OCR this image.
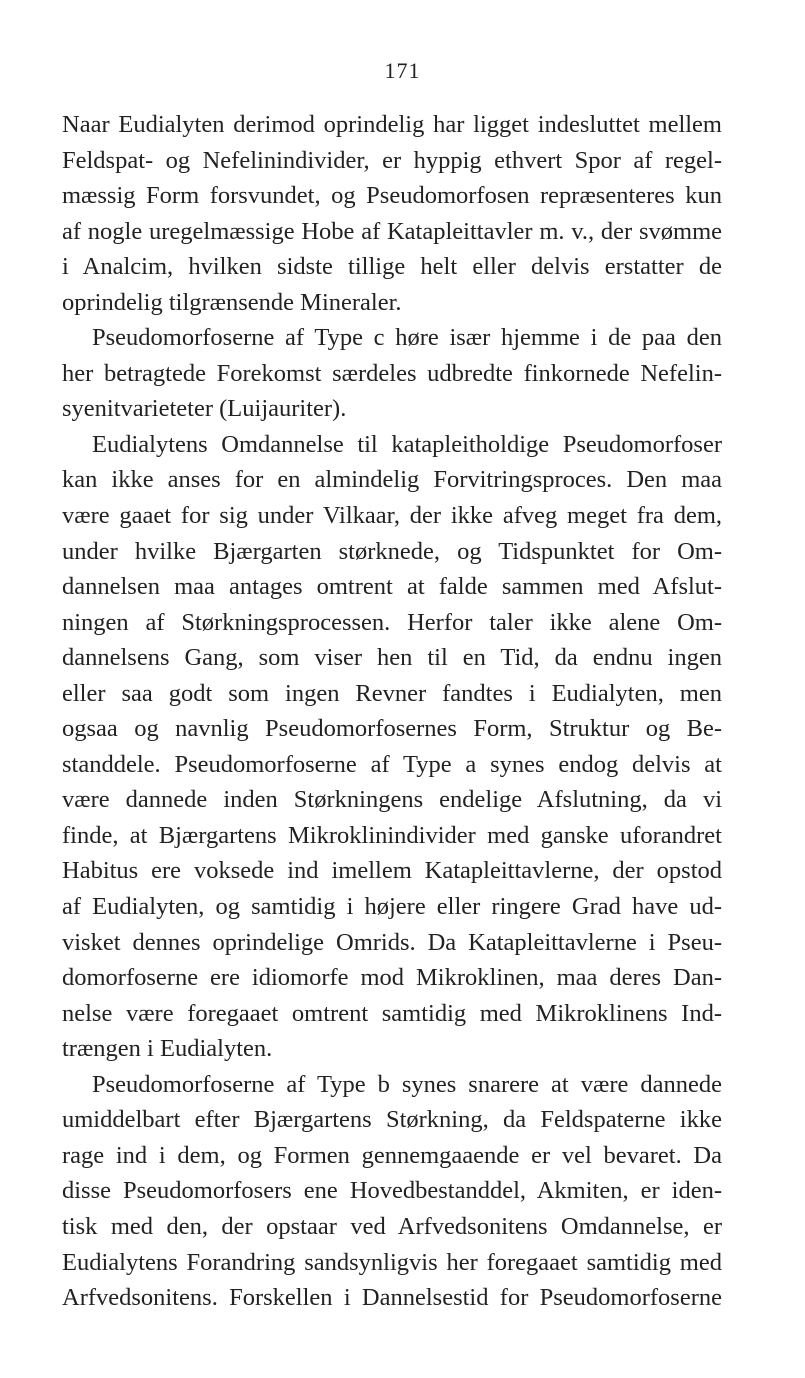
171
Naar Eudialyten derimod oprindelig har ligget indesluttet mellem
Feldspat- og Nefelinindivider, er hyppig ethvert Spor af regel-
mæssig Form forsvundet, og Pseudomorfosen repræsenteres kun
af nogle uregelmæssige Hobe af Katapleittavler m. v., der svømme
i Analcim, hvilken sidste tillige helt eller delvis erstatter de
oprindelig tilgrænsende Mineraler.
Pseudomorfoserne af Type c høre især hjemme i de paa den
her betragtede Forekomst særdeles udbredte finkornede Nefelin-
syenitvarieteter (Luijauriter).
Eudialytens Omdannelse til katapleitholdige Pseudomorfoser
kan ikke anses for en almindelig Forvitringsproces. Den maa
være gaaet for sig under Vilkaar, der ikke afveg meget fra dem,
under hvilke Bjærgarten størknede, og Tidspunktet for Om-
dannelsen maa antages omtrent at falde sammen med Afslut-
ningen af Størkningsprocessen. Herfor taler ikke alene Om-
dannelsens Gang, som viser hen til en Tid, da endnu ingen
eller saa godt som ingen Revner fandtes i Eudialyten, men
ogsaa og navnlig Pseudomorfosernes Form, Struktur og Be-
standdele. Pseudomorfoserne af Type a synes endog delvis at
være dannede inden Størkningens endelige Afslutning, da vi
finde, at Bjærgartens Mikroklinindivider med ganske uforandret
Habitus ere voksede ind imellem Katapleittavlerne, der opstod
af Eudialyten, og samtidig i højere eller ringere Grad have ud-
visket dennes oprindelige Omrids. Da Katapleittavlerne i Pseu-
domorfoserne ere idiomorfe mod Mikroklinen, maa deres Dan-
nelse være foregaaet omtrent samtidig med Mikroklinens Ind-
trængen i Eudialyten.
Pseudomorfoserne af Type b synes snarere at være dannede
umiddelbart efter Bjærgartens Størkning, da Feldspaterne ikke
rage ind i dem, og Formen gennemgaaende er vel bevaret. Da
disse Pseudomorfosers ene Hovedbestanddel, Akmiten, er iden-
tisk med den, der opstaar ved Arfvedsonitens Omdannelse, er
Eudialytens Forandring sandsynligvis her foregaaet samtidig med
Arfvedsonitens. Forskellen i Dannelsestid for Pseudomorfoserne
